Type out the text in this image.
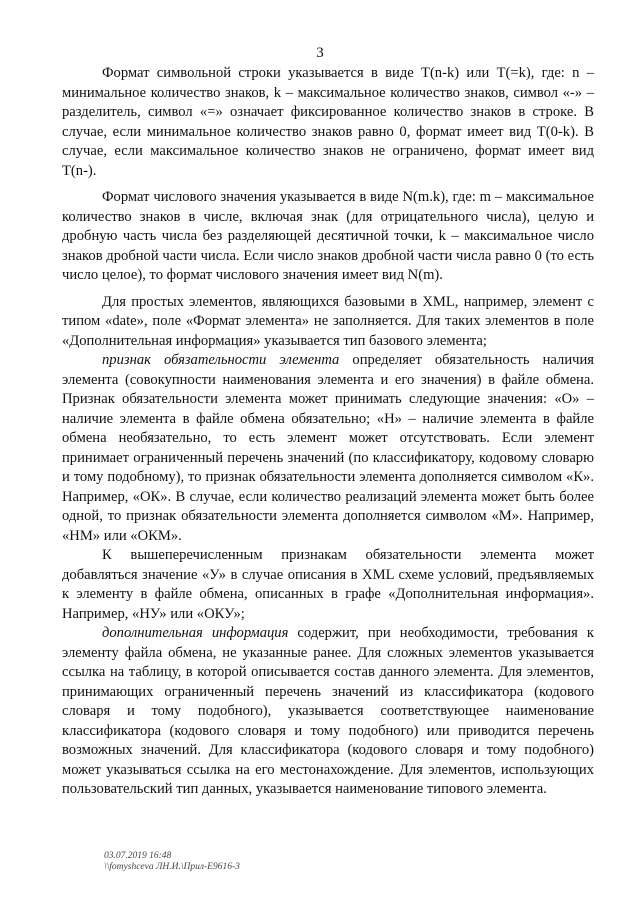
3

Формат символьной строки указывается в виде T(n-k) или T(=k), где: n – минимальное количество знаков, k – максимальное количество знаков, символ «-» – разделитель, символ «=» означает фиксированное количество знаков в строке. В случае, если минимальное количество знаков равно 0, формат имеет вид T(0-k). В случае, если максимальное количество знаков не ограничено, формат имеет вид T(n-).

Формат числового значения указывается в виде N(m.k), где: m – максимальное количество знаков в числе, включая знак (для отрицательного числа), целую и дробную часть числа без разделяющей десятичной точки, k – максимальное число знаков дробной части числа. Если число знаков дробной части числа равно 0 (то есть число целое), то формат числового значения имеет вид N(m).

Для простых элементов, являющихся базовыми в XML, например, элемент с типом «date», поле «Формат элемента» не заполняется. Для таких элементов в поле «Дополнительная информация» указывается тип базового элемента;

признак обязательности элемента определяет обязательность наличия элемента (совокупности наименования элемента и его значения) в файле обмена. Признак обязательности элемента может принимать следующие значения: «О» – наличие элемента в файле обмена обязательно; «Н» – наличие элемента в файле обмена необязательно, то есть элемент может отсутствовать. Если элемент принимает ограниченный перечень значений (по классификатору, кодовому словарю и тому подобному), то признак обязательности элемента дополняется символом «К». Например, «ОК». В случае, если количество реализаций элемента может быть более одной, то признак обязательности элемента дополняется символом «М». Например, «НМ» или «ОКМ».

К вышеперечисленным признакам обязательности элемента может добавляться значение «У» в случае описания в XML схеме условий, предъявляемых к элементу в файле обмена, описанных в графе «Дополнительная информация». Например, «НУ» или «ОКУ»;

дополнительная информация содержит, при необходимости, требования к элементу файла обмена, не указанные ранее. Для сложных элементов указывается ссылка на таблицу, в которой описывается состав данного элемента. Для элементов, принимающих ограниченный перечень значений из классификатора (кодового словаря и тому подобного), указывается соответствующее наименование классификатора (кодового словаря и тому подобного) или приводится перечень возможных значений. Для классификатора (кодового словаря и тому подобного) может указываться ссылка на его местонахождение. Для элементов, использующих пользовательский тип данных, указывается наименование типового элемента.

03.07.2019 16:48
\\fomyshceva ЛН.И.\Прил-Е9616-3
